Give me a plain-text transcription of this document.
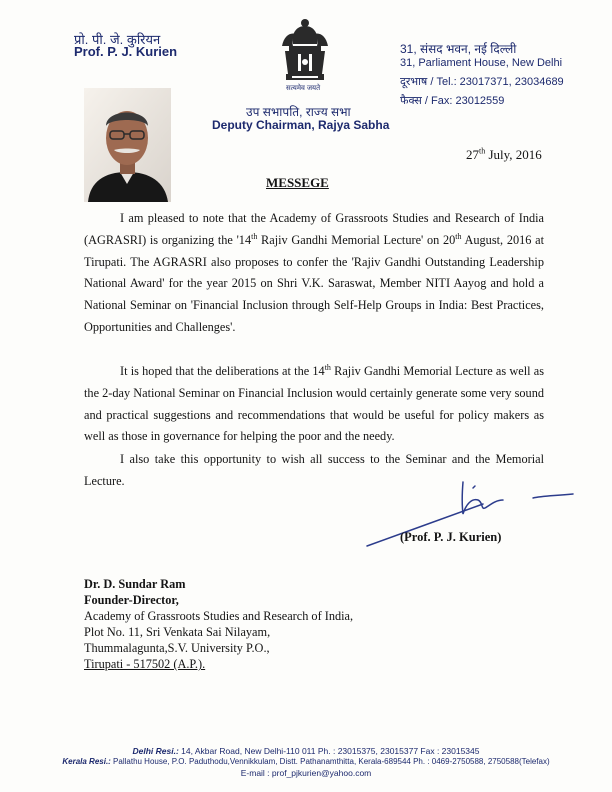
प्रो. पी. जे. कुरियन
Prof. P. J. Kurien
सत्यमेव जयते
उप सभापति, राज्य सभा
Deputy Chairman, Rajya Sabha
31, संसद भवन, नई दिल्ली
31, Parliament House, New Delhi
दूरभाष / Tel.: 23017371, 23034689
फैक्स / Fax: 23012559
27th July, 2016
MESSEGE

I am pleased to note that the Academy of Grassroots Studies and Research of India (AGRASRI) is organizing the '14th Rajiv Gandhi Memorial Lecture' on 20th August, 2016 at Tirupati. The AGRASRI also proposes to confer the 'Rajiv Gandhi Outstanding Leadership National Award' for the year 2015 on Shri V.K. Saraswat, Member NITI Aayog and hold a National Seminar on 'Financial Inclusion through Self-Help Groups in India: Best Practices, Opportunities and Challenges'.

It is hoped that the deliberations at the 14th Rajiv Gandhi Memorial Lecture as well as the 2-day National Seminar on Financial Inclusion would certainly generate some very sound and practical suggestions and recommendations that would be useful for policy makers as well as those in governance for helping the poor and the needy.

I also take this opportunity to wish all success to the Seminar and the Memorial Lecture.

(Prof. P. J. Kurien)
Dr. D. Sundar Ram
Founder-Director,
Academy of Grassroots Studies and Research of India,
Plot No. 11, Sri Venkata Sai Nilayam,
Thummalagunta,S.V. University P.O.,
Tirupati - 517502 (A.P.).
Delhi Resi.: 14, Akbar Road, New Delhi-110 011 Ph. : 23015375, 23015377 Fax : 23015345
Kerala Resi.: Pallathu House, P.O. Paduthodu,Vennikkulam, Distt. Pathanamthitta, Kerala-689544 Ph. : 0469-2750588, 2750588(Telefax)
E-mail : prof_pjkurien@yahoo.com
